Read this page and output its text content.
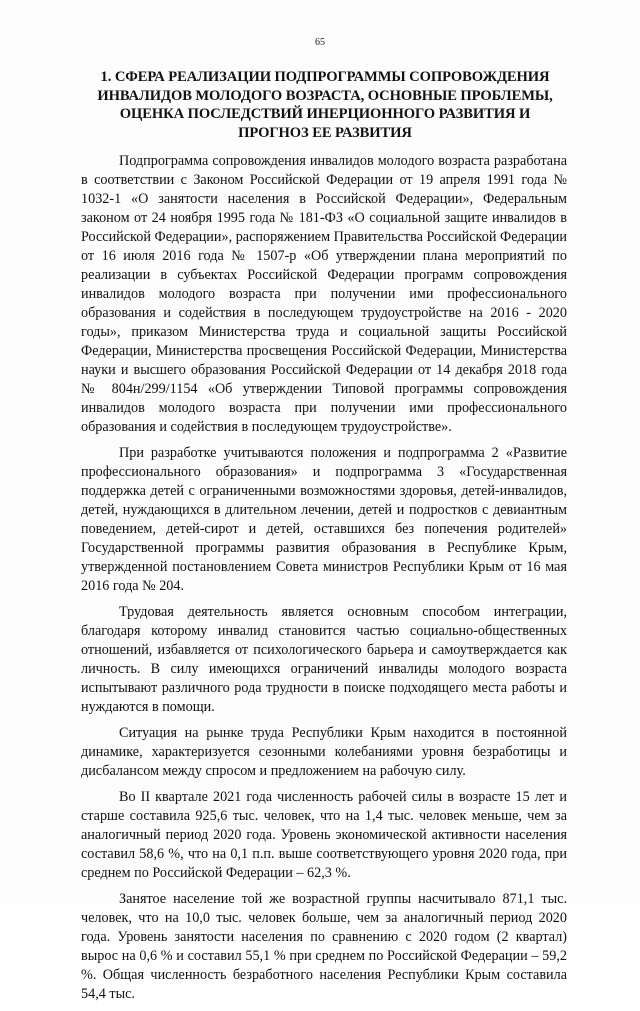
65
1. СФЕРА РЕАЛИЗАЦИИ ПОДПРОГРАММЫ СОПРОВОЖДЕНИЯ ИНВАЛИДОВ МОЛОДОГО ВОЗРАСТА, ОСНОВНЫЕ ПРОБЛЕМЫ, ОЦЕНКА ПОСЛЕДСТВИЙ ИНЕРЦИОННОГО РАЗВИТИЯ И ПРОГНОЗ ЕЕ РАЗВИТИЯ

Подпрограмма сопровождения инвалидов молодого возраста разработана в соответствии с Законом Российской Федерации от 19 апреля 1991 года № 1032-1 «О занятости населения в Российской Федерации», Федеральным законом от 24 ноября 1995 года № 181-ФЗ «О социальной защите инвалидов в Российской Федерации», распоряжением Правительства Российской Федерации от 16 июля 2016 года № 1507-р «Об утверждении плана мероприятий по реализации в субъектах Российской Федерации программ сопровождения инвалидов молодого возраста при получении ими профессионального образования и содействия в последующем трудоустройстве на 2016 - 2020 годы», приказом Министерства труда и социальной защиты Российской Федерации, Министерства просвещения Российской Федерации, Министерства науки и высшего образования Российской Федерации от 14 декабря 2018 года № 804н/299/1154 «Об утверждении Типовой программы сопровождения инвалидов молодого возраста при получении ими профессионального образования и содействия в последующем трудоустройстве».

При разработке учитываются положения и подпрограмма 2 «Развитие профессионального образования» и подпрограмма 3 «Государственная поддержка детей с ограниченными возможностями здоровья, детей-инвалидов, детей, нуждающихся в длительном лечении, детей и подростков с девиантным поведением, детей-сирот и детей, оставшихся без попечения родителей» Государственной программы развития образования в Республике Крым, утвержденной постановлением Совета министров Республики Крым от 16 мая 2016 года № 204.

Трудовая деятельность является основным способом интеграции, благодаря которому инвалид становится частью социально-общественных отношений, избавляется от психологического барьера и самоутверждается как личность. В силу имеющихся ограничений инвалиды молодого возраста испытывают различного рода трудности в поиске подходящего места работы и нуждаются в помощи.

Ситуация на рынке труда Республики Крым находится в постоянной динамике, характеризуется сезонными колебаниями уровня безработицы и дисбалансом между спросом и предложением на рабочую силу.

Во II квартале 2021 года численность рабочей силы в возрасте 15 лет и старше составила 925,6 тыс. человек, что на 1,4 тыс. человек меньше, чем за аналогичный период 2020 года. Уровень экономической активности населения составил 58,6 %, что на 0,1 п.п. выше соответствующего уровня 2020 года, при среднем по Российской Федерации – 62,3 %.

Занятое население той же возрастной группы насчитывало 871,1 тыс. человек, что на 10,0 тыс. человек больше, чем за аналогичный период 2020 года. Уровень занятости населения по сравнению с 2020 годом (2 квартал) вырос на 0,6 % и составил 55,1 % при среднем по Российской Федерации – 59,2 %. Общая численность безработного населения Республики Крым составила 54,4 тыс.
